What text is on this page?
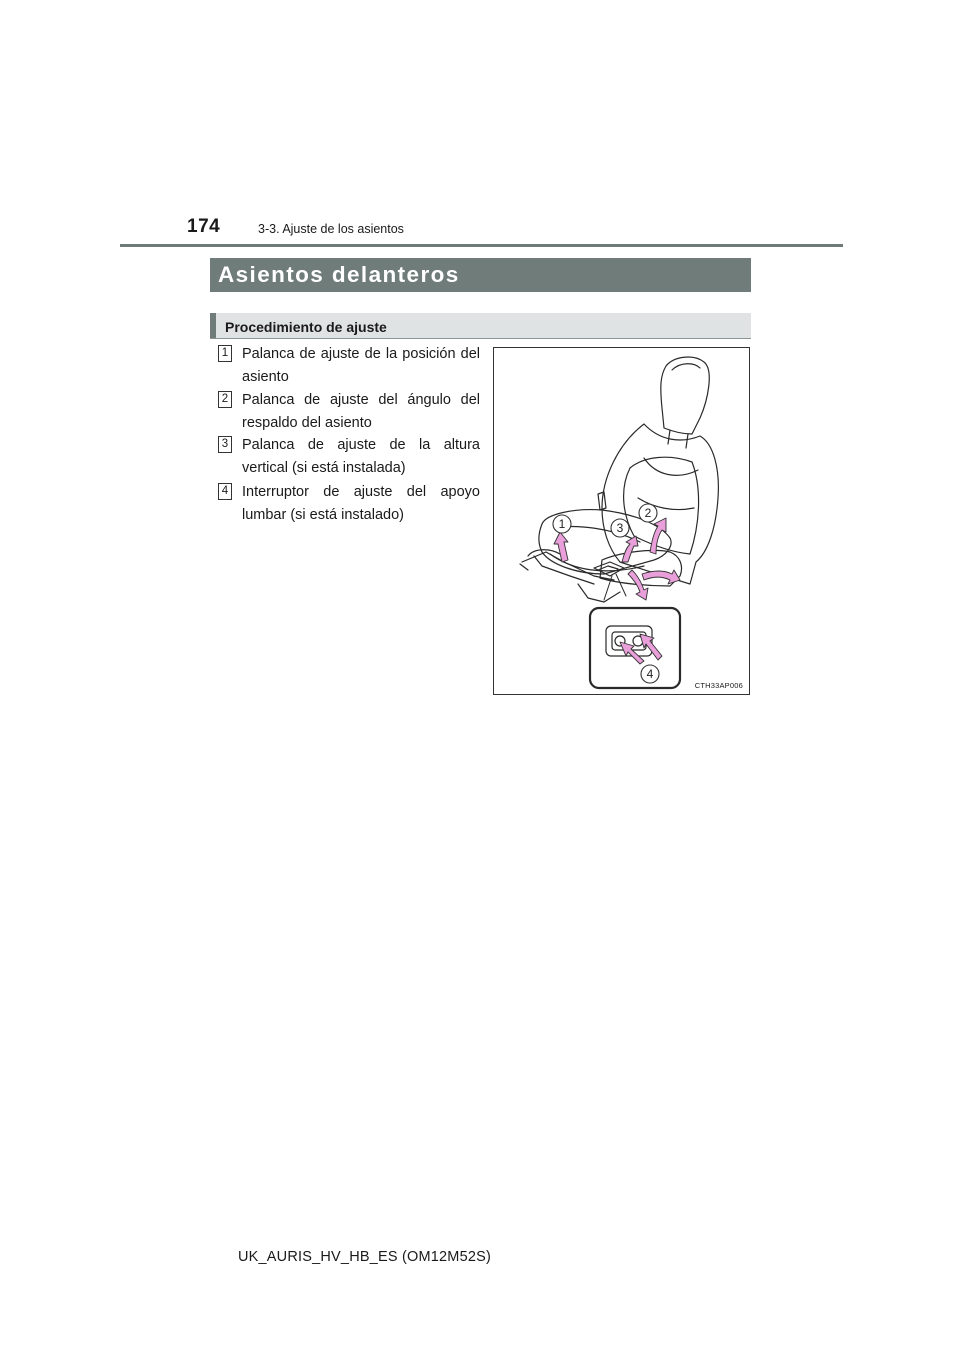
174	3-3. Ajuste de los asientos
Asientos delanteros
Procedimiento de ajuste
1 Palanca de ajuste de la posición del asiento
2 Palanca de ajuste del ángulo del respaldo del asiento
3 Palanca de ajuste de la altura vertical (si está instalada)
4 Interruptor de ajuste del apoyo lumbar (si está instalado)
1	3
2
4
CTH33AP006
UK_AURIS_HV_HB_ES (OM12M52S)
